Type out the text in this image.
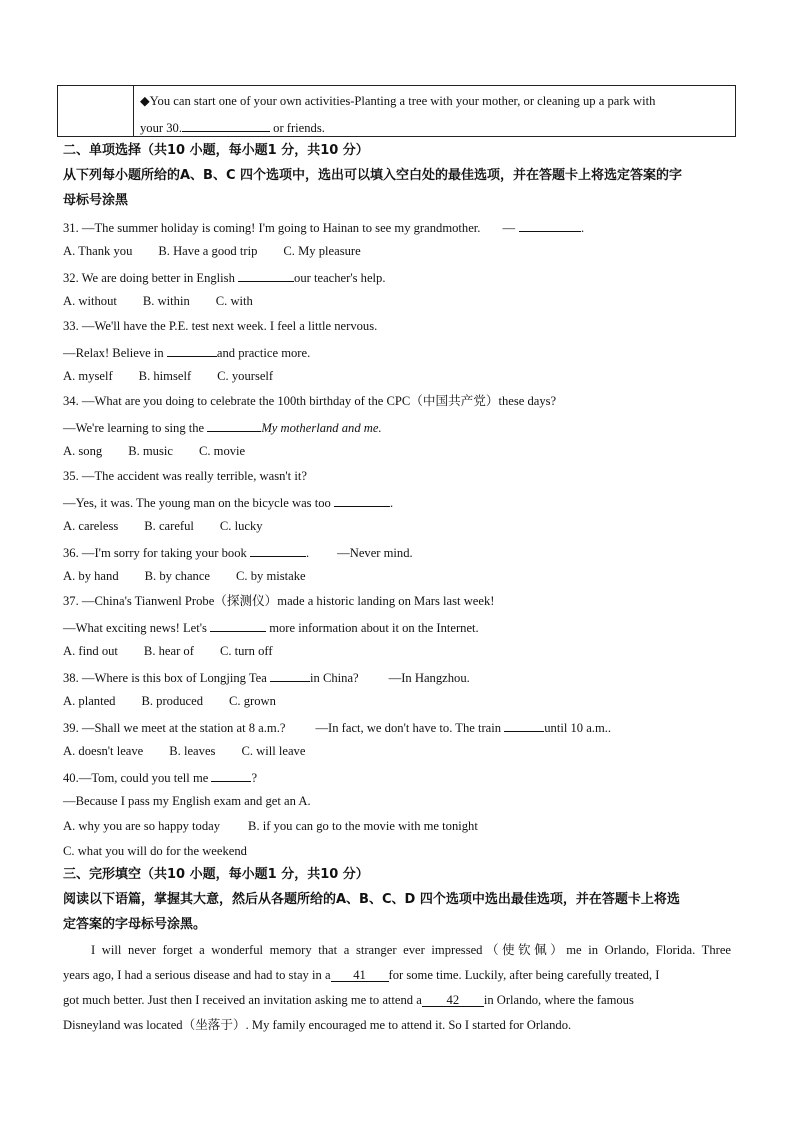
◆You can start one of your own activities-Planting a tree with your mother, or cleaning up a park with
your 30.	or friends.
二、单项选择（共10 小题，每小题1 分，共10 分）
从下列每小题所给的A、B、C 四个选项中，选出可以填入空白处的最佳选项，并在答题卡上将选定答案的字
母标号涂黑
31. —The summer holiday is coming! I'm going to Hainan to see my grandmother. —	.
A. Thank you B. Have a good trip C. My pleasure
32. We are doing better in English	our teacher's help.
A. without B. within C. with
33. —We'll have the P.E. test next week. I feel a little nervous.
—Relax! Believe in	and practice more.
A. myself B. himself C. yourself
34. —What are you doing to celebrate the 100th birthday of the CPC（中国共产党）these days?
—We're learning to sing the	My motherland and me.
A. song B. music C. movie
35. —The accident was really terrible, wasn't it?
—Yes, it was. The young man on the bicycle was too	.
A. careless B. careful C. lucky
36. —I'm sorry for taking your book	. —Never mind.
A. by hand B. by chance C. by mistake
37. —China's Tianwenl Probe（探测仪）made a historic landing on Mars last week!
—What exciting news! Let's	more information about it on the Internet.
A. find out B. hear of C. turn off
38. —Where is this box of Longjing Tea	in China? —In Hangzhou.
A. planted B. produced C. grown
39. —Shall we meet at the station at 8 a.m.? —In fact, we don't have to. The train	until 10 a.m..
A. doesn't leave B. leaves C. will leave
40.—Tom, could you tell me	?
—Because I pass my English exam and get an A.
A. why you are so happy today B. if you can go to the movie with me tonight
C. what you will do for the weekend
三、完形填空（共10 小题，每小题1 分，共10 分）
阅读以下语篇，掌握其大意，然后从各题所给的A、B、C、D 四个选项中选出最佳选项，并在答题卡上将选
定答案的字母标号涂黑。
I will never forget a wonderful memory that a stranger ever impressed（使钦佩）me in Orlando, Florida. Three
years ago, I had a serious disease and had to stay in a 41 for some time. Luckily, after being carefully treated, I
got much better. Just then I received an invitation asking me to attend a 42 in Orlando, where the famous
Disneyland was located（坐落于）. My family encouraged me to attend it. So I started for Orlando.
